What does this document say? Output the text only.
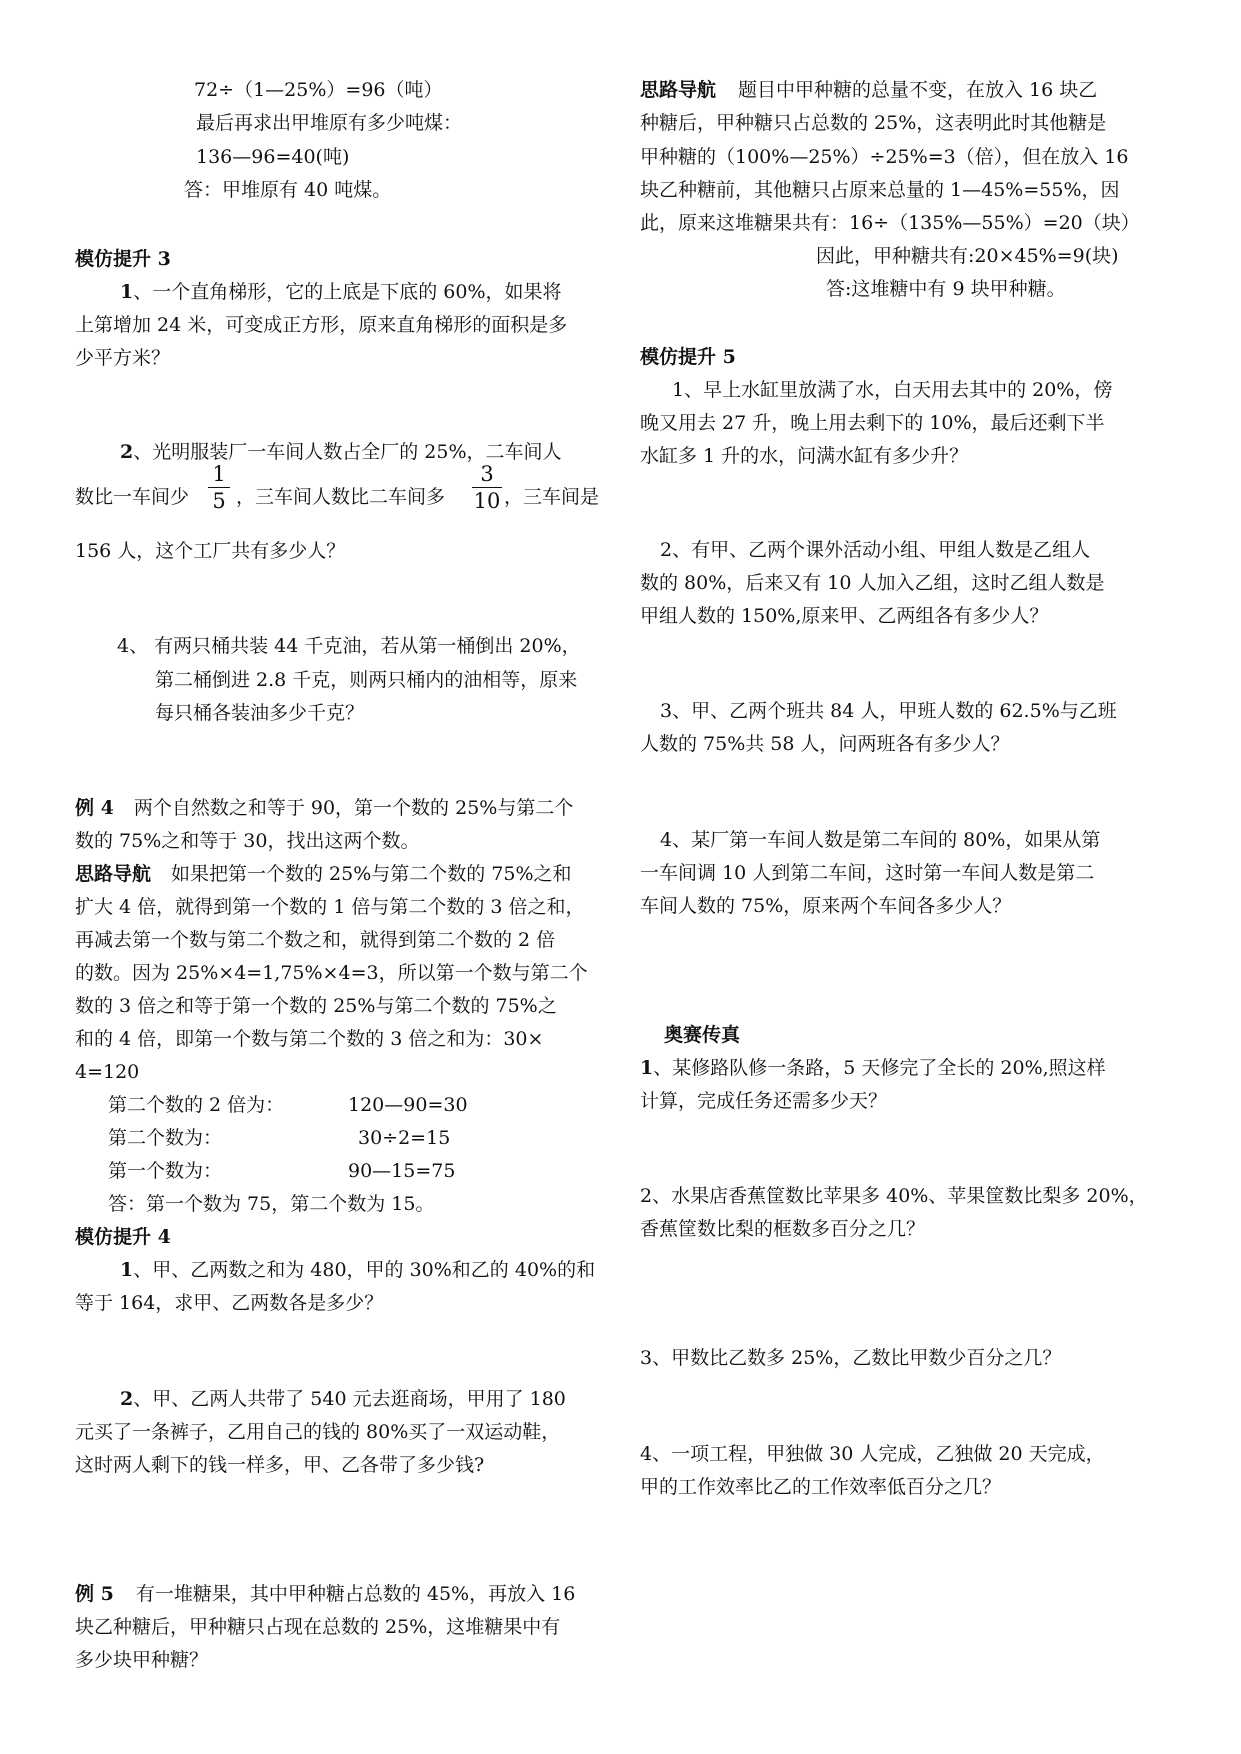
72÷（1—25%）=96（吨）
最后再求出甲堆原有多少吨煤：
136—96=40(吨)
答：甲堆原有 40 吨煤。
模仿提升 3
1、一个直角梯形，它的上底是下底的 60%，如果将
上第增加 24 米，可变成正方形，原来直角梯形的面积是多
少平方米？
2、光明服装厂一车间人数占全厂的 25%，二车间人
数比一车间少
1
5 ，三车间人数比二车间多
3
10 ，三车间是
156 人，这个工厂共有多少人？
4、 有两只桶共装 44 千克油，若从第一桶倒出 20%，
第二桶倒进 2.8 千克，则两只桶内的油相等，原来
每只桶各装油多少千克？
例 4 两个自然数之和等于 90，第一个数的 25%与第二个
数的 75%之和等于 30，找出这两个数。
思路导航 如果把第一个数的 25%与第二个数的 75%之和
扩大 4 倍，就得到第一个数的 1 倍与第二个数的 3 倍之和，
再减去第一个数与第二个数之和，就得到第二个数的 2 倍
的数。因为 25%×4=1,75%×4=3，所以第一个数与第二个
数的 3 倍之和等于第一个数的 25%与第二个数的 75%之
和的 4 倍，即第一个数与第二个数的 3 倍之和为：30×
4=120
第二个数的 2 倍为：	120—90=30
第二个数为：	30÷2=15
第一个数为：	90—15=75
答：第一个数为 75，第二个数为 15。
模仿提升 4
1、甲、乙两数之和为 480，甲的 30%和乙的 40%的和
等于 164，求甲、乙两数各是多少？
2、甲、乙两人共带了 540 元去逛商场，甲用了 180
元买了一条裤子，乙用自己的钱的 80%买了一双运动鞋，
这时两人剩下的钱一样多，甲、乙各带了多少钱?
例 5 有一堆糖果，其中甲种糖占总数的 45%，再放入 16
块乙种糖后，甲种糖只占现在总数的 25%，这堆糖果中有
多少块甲种糖？
思路导航 题目中甲种糖的总量不变，在放入 16 块乙
种糖后，甲种糖只占总数的 25%，这表明此时其他糖是
甲种糖的（100%—25%）÷25%=3（倍），但在放入 16
块乙种糖前，其他糖只占原来总量的 1—45%=55%，因
此，原来这堆糖果共有：16÷（135%—55%）=20（块）
因此，甲种糖共有:20×45%=9(块)
答:这堆糖中有 9 块甲种糖。
模仿提升 5
1、早上水缸里放满了水，白天用去其中的 20%，傍
晚又用去 27 升，晚上用去剩下的 10%，最后还剩下半
水缸多 1 升的水，问满水缸有多少升？
2、有甲、乙两个课外活动小组、甲组人数是乙组人
数的 80%，后来又有 10 人加入乙组，这时乙组人数是
甲组人数的 150%,原来甲、乙两组各有多少人？
3、甲、乙两个班共 84 人，甲班人数的 62.5%与乙班
人数的 75%共 58 人，问两班各有多少人？
4、某厂第一车间人数是第二车间的 80%，如果从第
一车间调 10 人到第二车间，这时第一车间人数是第二
车间人数的 75%，原来两个车间各多少人？
奥赛传真
1、某修路队修一条路，5 天修完了全长的 20%,照这样
计算，完成任务还需多少天？
2、水果店香蕉筐数比苹果多 40%、苹果筐数比梨多 20%，
香蕉筐数比梨的框数多百分之几？
3、甲数比乙数多 25%，乙数比甲数少百分之几？
4、一项工程，甲独做 30 人完成，乙独做 20 天完成，
甲的工作效率比乙的工作效率低百分之几？
